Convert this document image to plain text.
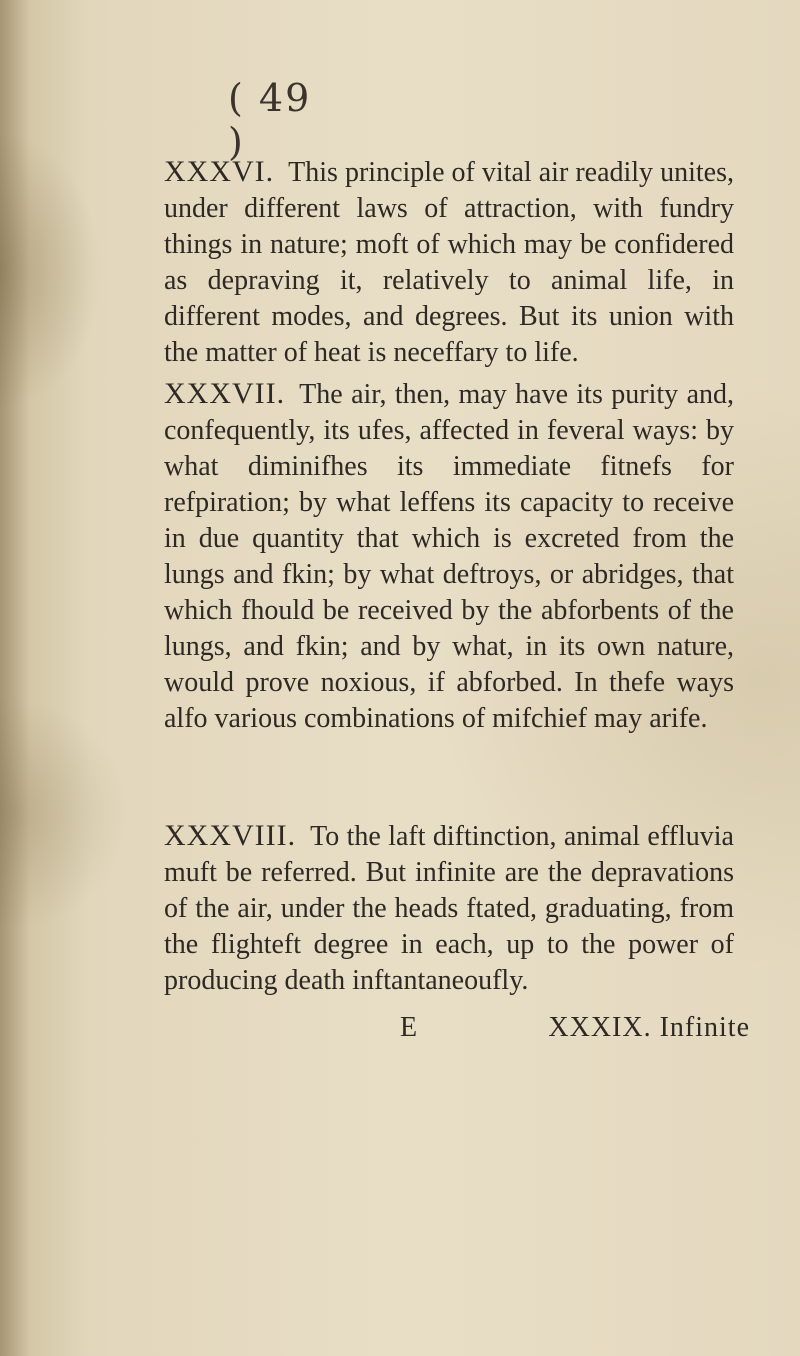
( 49 )

XXXVI. This principle of vital air readily unites, under different laws of attraction, with fundry things in nature; moft of which may be confidered as depraving it, relatively to animal life, in different modes, and degrees. But its union with the matter of heat is neceffary to life.

XXXVII. The air, then, may have its purity and, confequently, its ufes, affected in feveral ways: by what diminifhes its immediate fitnefs for refpiration; by what leffens its capacity to receive in due quantity that which is excreted from the lungs and fkin; by what deftroys, or abridges, that which fhould be received by the abforbents of the lungs, and fkin; and by what, in its own nature, would prove noxious, if abforbed. In thefe ways alfo various combinations of mifchief may arife.

XXXVIII. To the laft diftinction, animal effluvia muft be referred. But infinite are the depravations of the air, under the heads ftated, graduating, from the flighteft degree in each, up to the power of producing death inftantaneoufly.

E	XXXIX. Infinite
